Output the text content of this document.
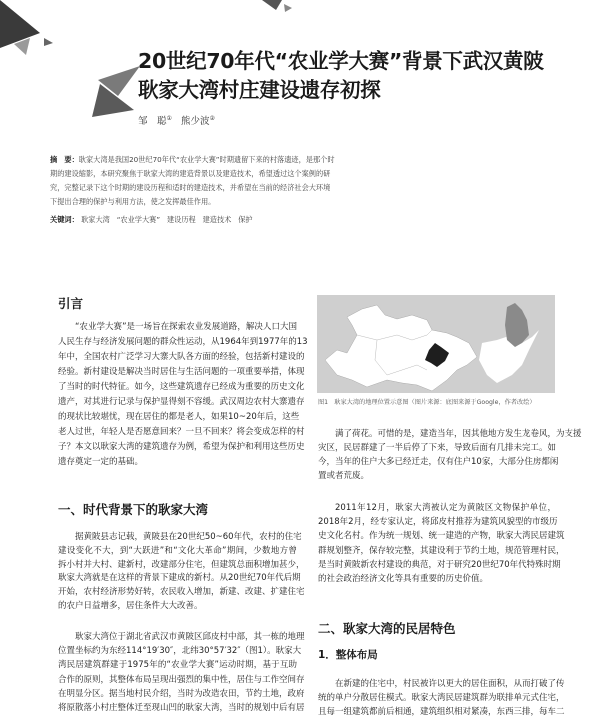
20世纪70年代“农业学大赛”背景下武汉黄陂
耿家大湾村庄建设遗存初探
邹　聪① 熊少波②
摘　要：耿家大湾是我国20世纪70年代“农业学大赛”时期遗留下来的村落遗迹，是那个时
期的建设缩影，本研究聚焦于耿家大湾的建造背景以及建造技术，希望透过这个案例的研
究，完整记录下这个时期的建设历程和适时的建造技术，并希望在当前的经济社会大环境
下提出合理的保护与利用方法，使之发挥最佳作用。
关键词： 耿家大湾 “农业学大赛” 建设历程 建造技术 保护
引言
“农业学大赛”是一场旨在探索农业发展道路，解决人口大国
人民生存与经济发展问题的群众性运动，从1964年到1977年的13
年中，全国农村广泛学习大寨大队各方面的经验，包括新村建设的
经验。新村建设是解决当时居住与生活问题的一项重要举措，体现
了当时的时代特征。如今，这些建筑遗存已经成为重要的历史文化
遗产，对其进行记录与保护显得刻不容缓。武汉周边农村大寨遗存
的现状比较堪忧，现在居住的都是老人，如果10~20年后，这些
老人过世，年轻人是否愿意回来？一旦不回来？将会变成怎样的村
子？本文以耿家大湾的建筑遗存为例，希望为保护和利用这些历史
遗存奠定一定的基础。
一、时代背景下的耿家大湾
据黄陂县志记载，黄陂县在20世纪50~60年代，农村的住宅
建设变化不大，到“大跃进”和“文化大革命”期间，少数地方曾
拆小村并大村、建新村，改建部分住宅，但建筑总面积增加甚少，
耿家大湾就是在这样的背景下建成的新村。从20世纪70年代后期
开始，农村经济形势好转，农民收入增加，新建、改建、扩建住宅
的农户日益增多，居住条件大大改善。
耿家大湾位于湖北省武汉市黄陂区邱皮村中部，其一栋的地理
位置坐标约为东经114°19′30″，北纬30°57′32″（图1）。耿家大
湾民居建筑群建于1975年的“农业学大赛”运动时期，基于互助
合作的原则，其整体布局呈现出强烈的集中性，居住与工作空间存
在明显分区。据当地村民介绍，当时为改造农田，节约土地，政府
将原散落小村庄整体迁至现山凹的耿家大湾，当时的规划中后有居
图1　耿家大湾的地理位置示意图（图片来源：底图来源于Google，作者改绘）
满了荷花。可惜的是，建造当年，因其他地方发生龙卷风，为支援
灾区，民居群建了一半后停了下来，导致后面有几排未完工。如
今，当年的住户大多已经迁走，仅有住户10家，大部分住房都闲
置或者荒废。
2011年12月，耿家大湾被认定为黄陂区文物保护单位，
2018年2月，经专家认定，将邱皮村推荐为建筑风貌型的市级历
史文化名村。作为统一规划、统一建造的产物，耿家大湾民居建筑
群规划整齐，保存较完整，其建设利于节约土地，规范管理村民，
是当时黄陂新农村建设的典范，对于研究20世纪70年代特殊时期
的社会政治经济文化等具有重要的历史价值。
二、耿家大湾的民居特色
1．整体布局
在新建的住宅中，村民被许以更大的居住面积，从而打破了传
统的单户分散居住模式。耿家大湾民居建筑群为联排单元式住宅，
且每一组建筑都前后相通，建筑组织相对紧凑，东西三排，每车二
